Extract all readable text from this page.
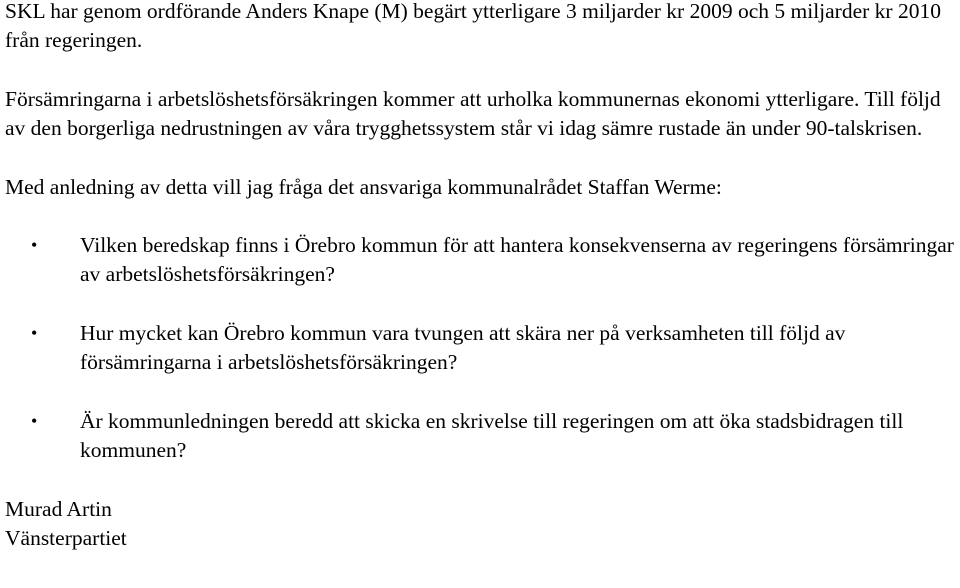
SKL har genom ordförande Anders Knape (M) begärt ytterligare 3 miljarder kr 2009 och 5 miljarder kr 2010 från regeringen.

Försämringarna i arbetslöshetsförsäkringen kommer att urholka kommunernas ekonomi ytterligare. Till följd av den borgerliga nedrustningen av våra trygghetssystem står vi idag sämre rustade än under 90-talskrisen.

Med anledning av detta vill jag fråga det ansvariga kommunalrådet Staffan Werme:

• Vilken beredskap finns i Örebro kommun för att hantera konsekvenserna av regeringens försämringar av arbetslöshetsförsäkringen?
• Hur mycket kan Örebro kommun vara tvungen att skära ner på verksamheten till följd av försämringarna i arbetslöshetsförsäkringen?
• Är kommunledningen beredd att skicka en skrivelse till regeringen om att öka stadsbidragen till kommunen?

Murad Artin

Vänsterpartiet
